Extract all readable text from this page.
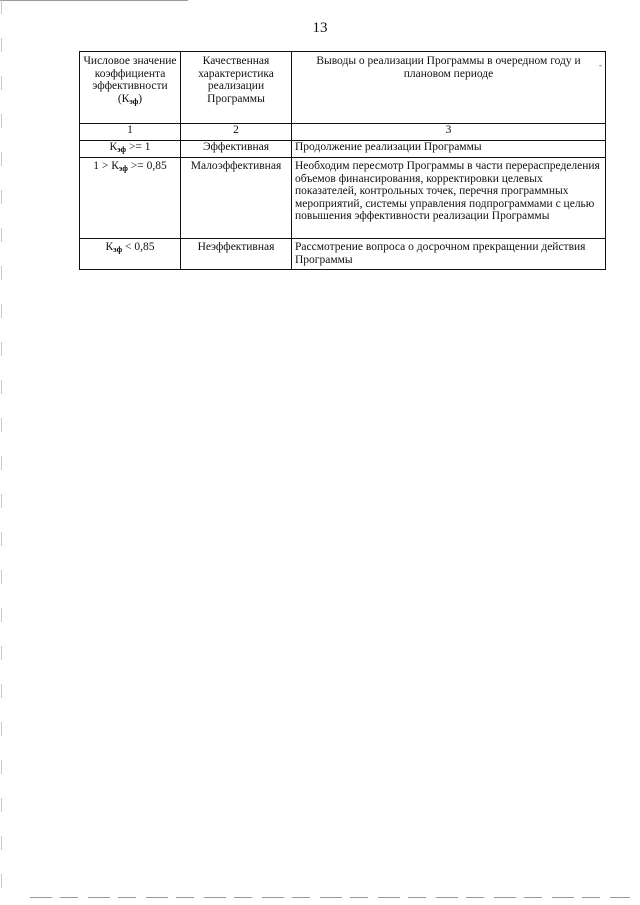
13
-
Числовое значение коэффициента эффективности
$(К_{эф})$	Качественная характеристика реализации Программы	Выводы о реализации Программы в очередном году и плановом периоде
1	2	3
$К_{эф} >= 1$	Эффективная	Продолжение реализации Программы
$1 > К_{эф} >= 0,85$	Малоэффективная	Необходим пересмотр Программы в части перераспределения объемов финансирования, корректировки целевых показателей, контрольных точек, перечня программных мероприятий, системы управления подпрограммами с целью повышения эффективности реализации Программы
$К_{эф} < 0,85$	Неэффективная	Рассмотрение вопроса о досрочном прекращении действия Программы
